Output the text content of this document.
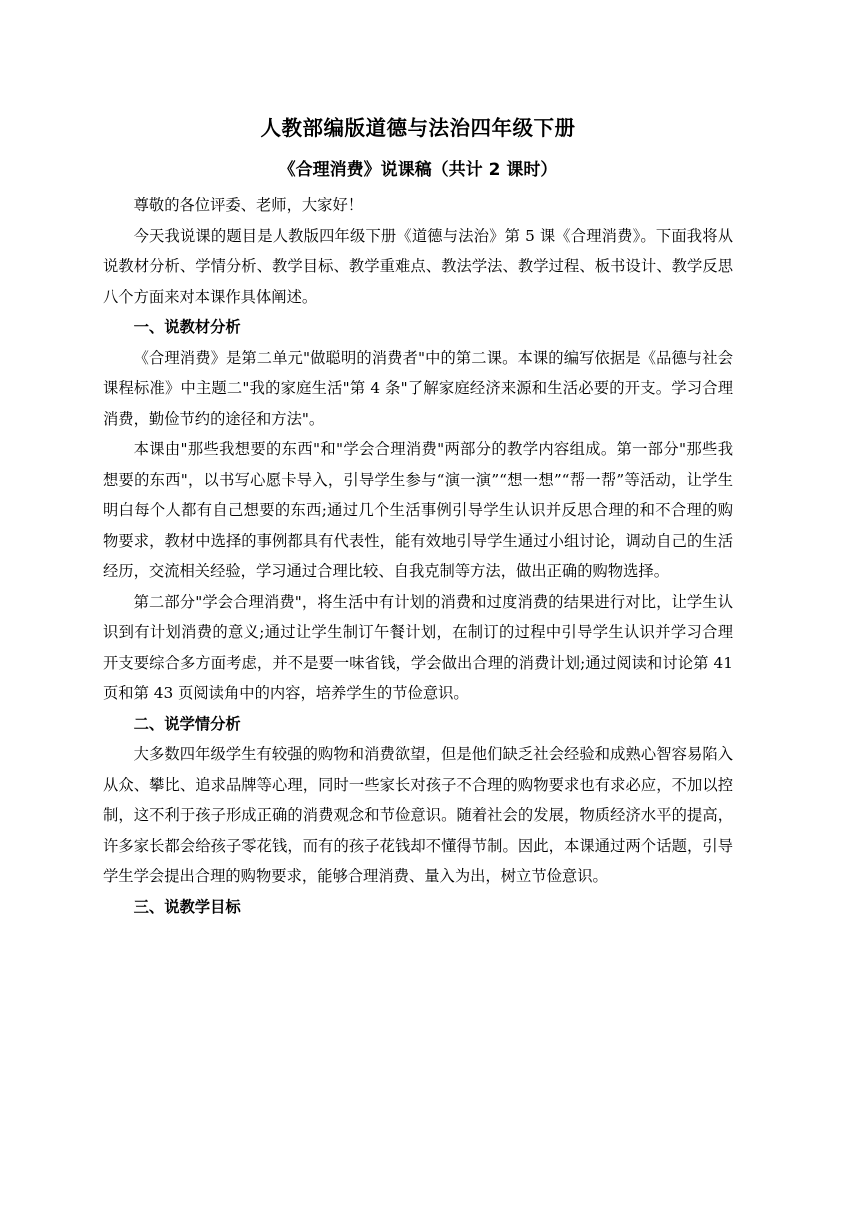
人教部编版道德与法治四年级下册
《合理消费》说课稿（共计 2 课时）

尊敬的各位评委、老师，大家好！

今天我说课的题目是人教版四年级下册《道德与法治》第 5 课《合理消费》。下面我将从说教材分析、学情分析、教学目标、教学重难点、教法学法、教学过程、板书设计、教学反思八个方面来对本课作具体阐述。

一、说教材分析

《合理消费》是第二单元"做聪明的消费者"中的第二课。本课的编写依据是《品德与社会课程标准》中主题二"我的家庭生活"第 4 条"了解家庭经济来源和生活必要的开支。学习合理消费，勤俭节约的途径和方法"。

本课由"那些我想要的东西"和"学会合理消费"两部分的教学内容组成。第一部分"那些我想要的东西"，以书写心愿卡导入，引导学生参与“演一演”“想一想”“帮一帮”等活动，让学生明白每个人都有自己想要的东西;通过几个生活事例引导学生认识并反思合理的和不合理的购物要求，教材中选择的事例都具有代表性，能有效地引导学生通过小组讨论，调动自己的生活经历，交流相关经验，学习通过合理比较、自我克制等方法，做出正确的购物选择。

第二部分"学会合理消费"，将生活中有计划的消费和过度消费的结果进行对比，让学生认识到有计划消费的意义;通过让学生制订午餐计划，在制订的过程中引导学生认识并学习合理开支要综合多方面考虑，并不是要一味省钱，学会做出合理的消费计划;通过阅读和讨论第 41 页和第 43 页阅读角中的内容，培养学生的节俭意识。

二、说学情分析

大多数四年级学生有较强的购物和消费欲望，但是他们缺乏社会经验和成熟心智容易陷入从众、攀比、追求品牌等心理，同时一些家长对孩子不合理的购物要求也有求必应，不加以控制，这不利于孩子形成正确的消费观念和节俭意识。随着社会的发展，物质经济水平的提高，许多家长都会给孩子零花钱，而有的孩子花钱却不懂得节制。因此，本课通过两个话题，引导学生学会提出合理的购物要求，能够合理消费、量入为出，树立节俭意识。

三、说教学目标
